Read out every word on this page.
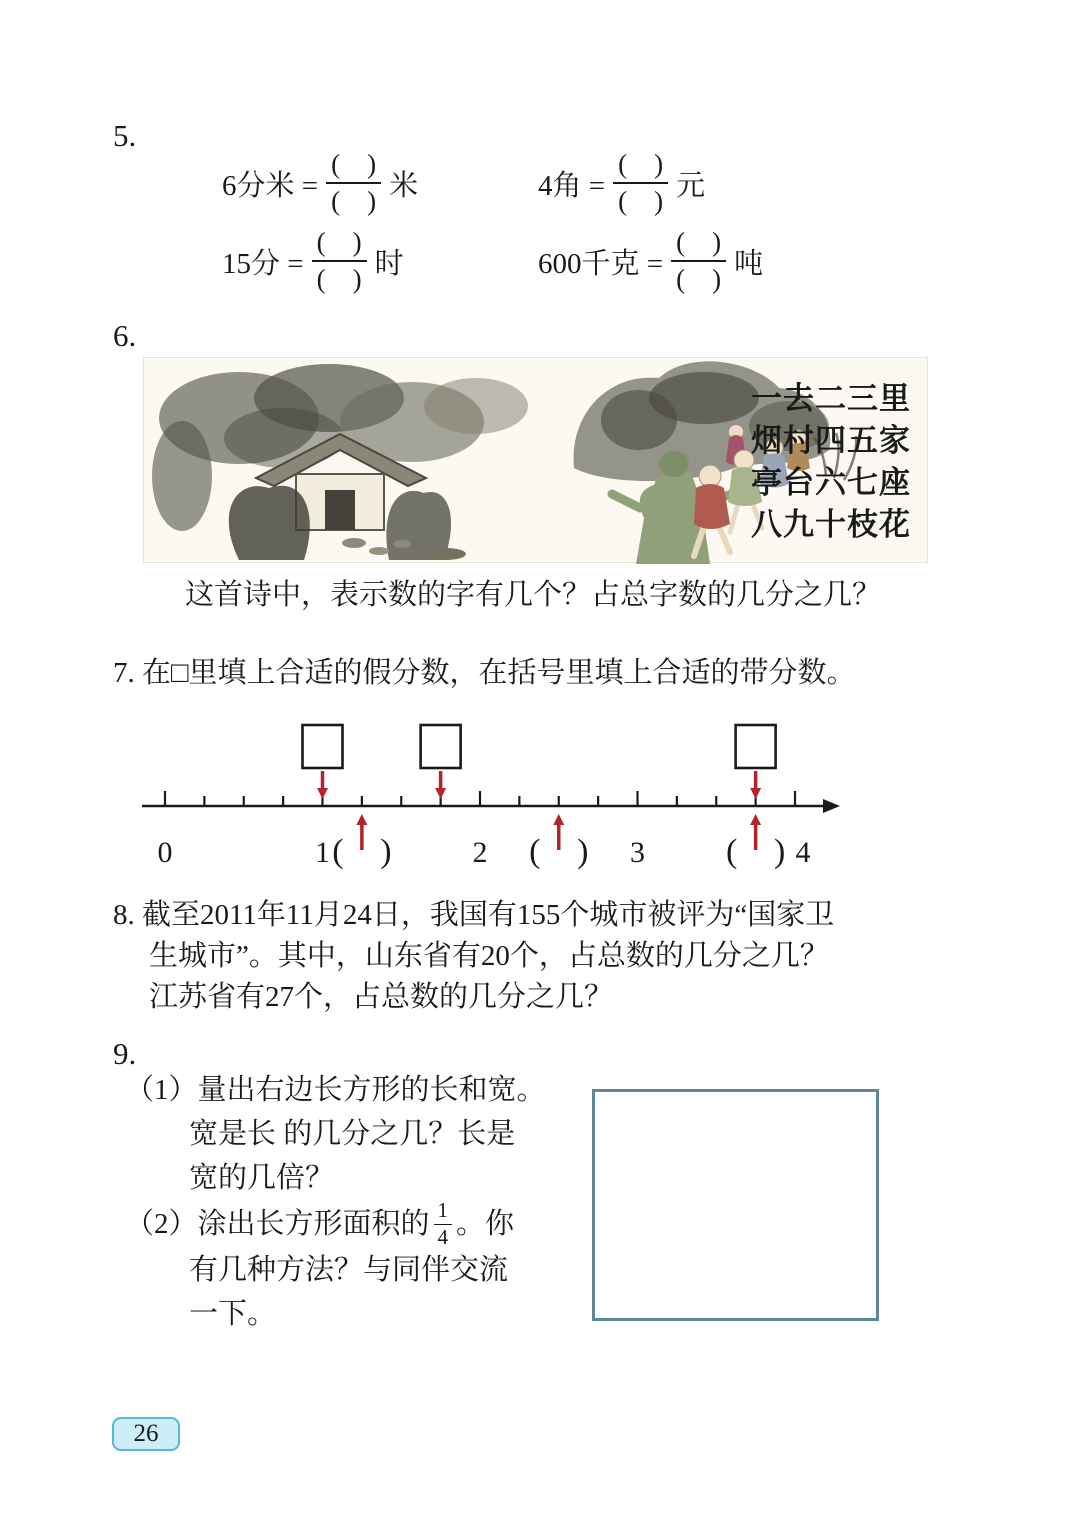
5.
6分米 = $\frac{( )}{( )}$ 米	4角 = $\frac{( )}{( )}$ 元
15分 = $\frac{( )}{( )}$ 时	600千克 = $\frac{( )}{( )}$ 吨
6.
一去二三里
烟村四五家
亭台六七座
八九十枝花
这首诗中，表示数的字有几个？占总字数的几分之几？
7. 在□里填上合适的假分数，在括号里填上合适的带分数。
0	1	2	3	4
( )	( )	( )
8. 截至2011年11月24日，我国有155个城市被评为“国家卫
生城市”。其中，山东省有20个，占总数的几分之几？
江苏省有27个，占总数的几分之几？
9.
（1）量出右边长方形的长和宽。
宽是长 的几分之几？长是
宽的几倍？
（2）涂出长方形面积的 $\frac{1}{4}$ 。你
有几种方法？与同伴交流
一下。
26
